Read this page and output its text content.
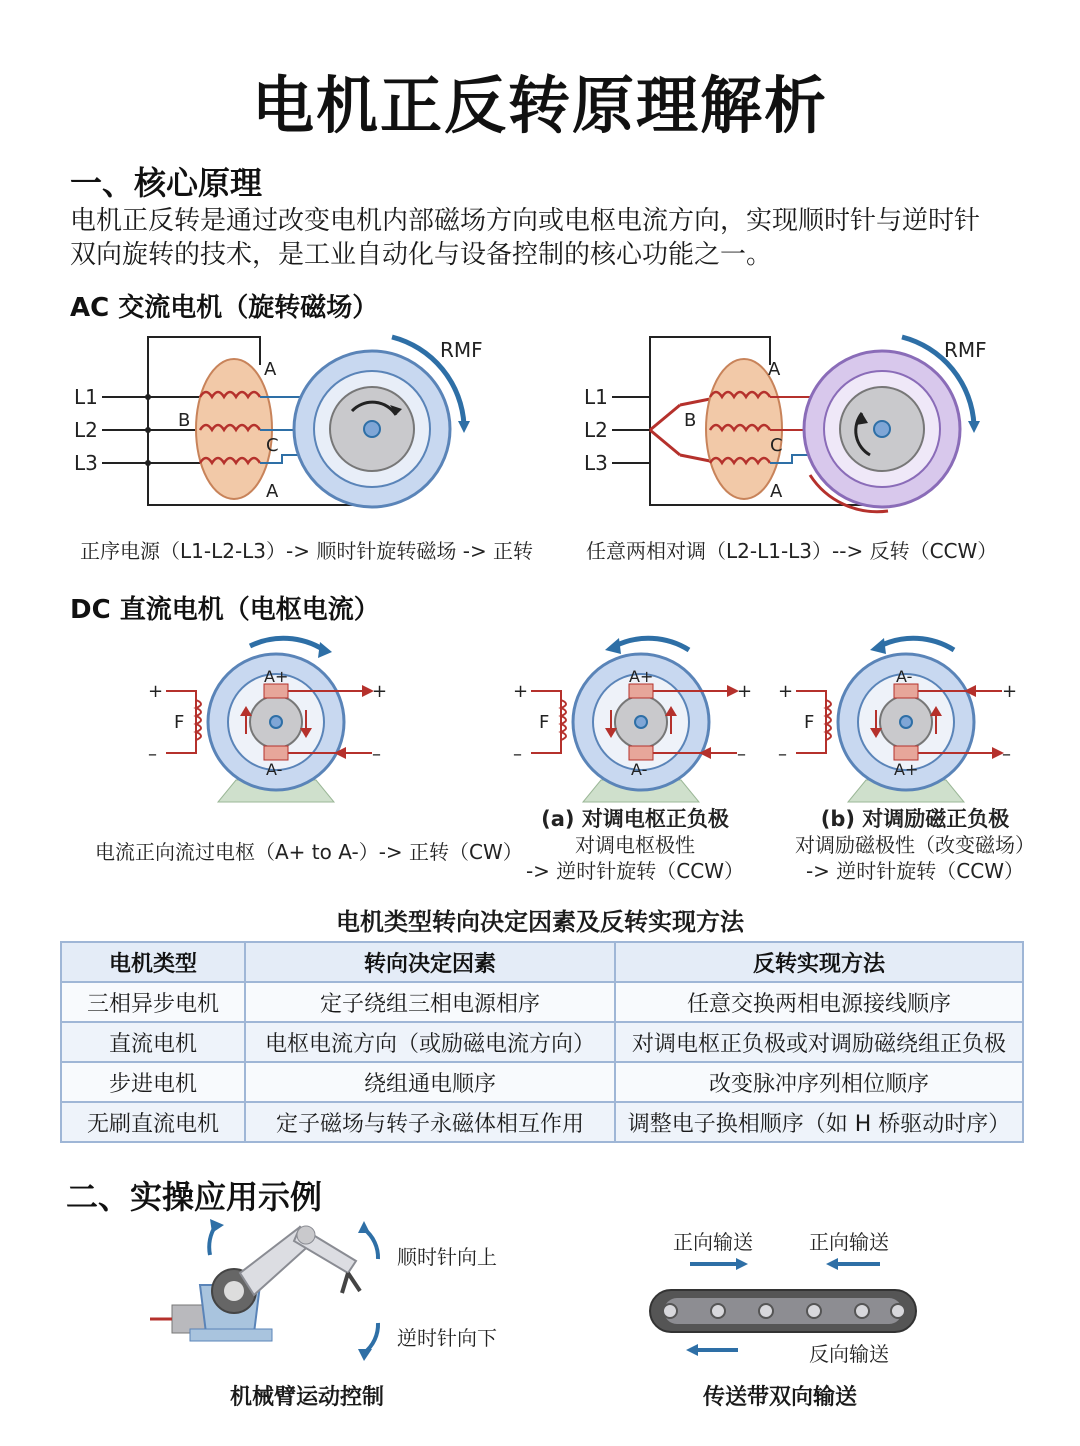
电机正反转原理解析
一、核心原理
电机正反转是通过改变电机内部磁场方向或电枢电流方向，实现顺时针与逆时针
双向旋转的技术，是工业自动化与设备控制的核心功能之一。
AC 交流电机（旋转磁场）
RMF
L1
L2
L3
A
B
C
A
RMF
L1
L2
L3
A
B
C
A
正序电源（L1-L2-L3）-> 顺时针旋转磁场 -> 正转	任意两相对调（L2-L1-L3）--> 反转（CCW）
DC 直流电机（电枢电流）
+
–
+
–
F
A+
A-
+
–
+
–
F
A+
A-
+
–
+
–
F
A-
A+
电流正向流过电枢（A+ to A-）-> 正转（CW）
(a) 对调电枢正负极
对调电枢极性
-> 逆时针旋转（CCW）
(b) 对调励磁正负极
对调励磁极性（改变磁场）
-> 逆时针旋转（CCW）
电机类型转向决定因素及反转实现方法
电机类型	转向决定因素	反转实现方法
三相异步电机	定子绕组三相电源相序	任意交换两相电源接线顺序
直流电机	电枢电流方向（或励磁电流方向）	对调电枢正负极或对调励磁绕组正负极
步进电机	绕组通电顺序	改变脉冲序列相位顺序
无刷直流电机	定子磁场与转子永磁体相互作用	调整电子换相顺序（如 H 桥驱动时序）
二、实操应用示例
顺时针向上
逆时针向下
机械臂运动控制
正向输送	正向输送
反向输送
传送带双向输送
